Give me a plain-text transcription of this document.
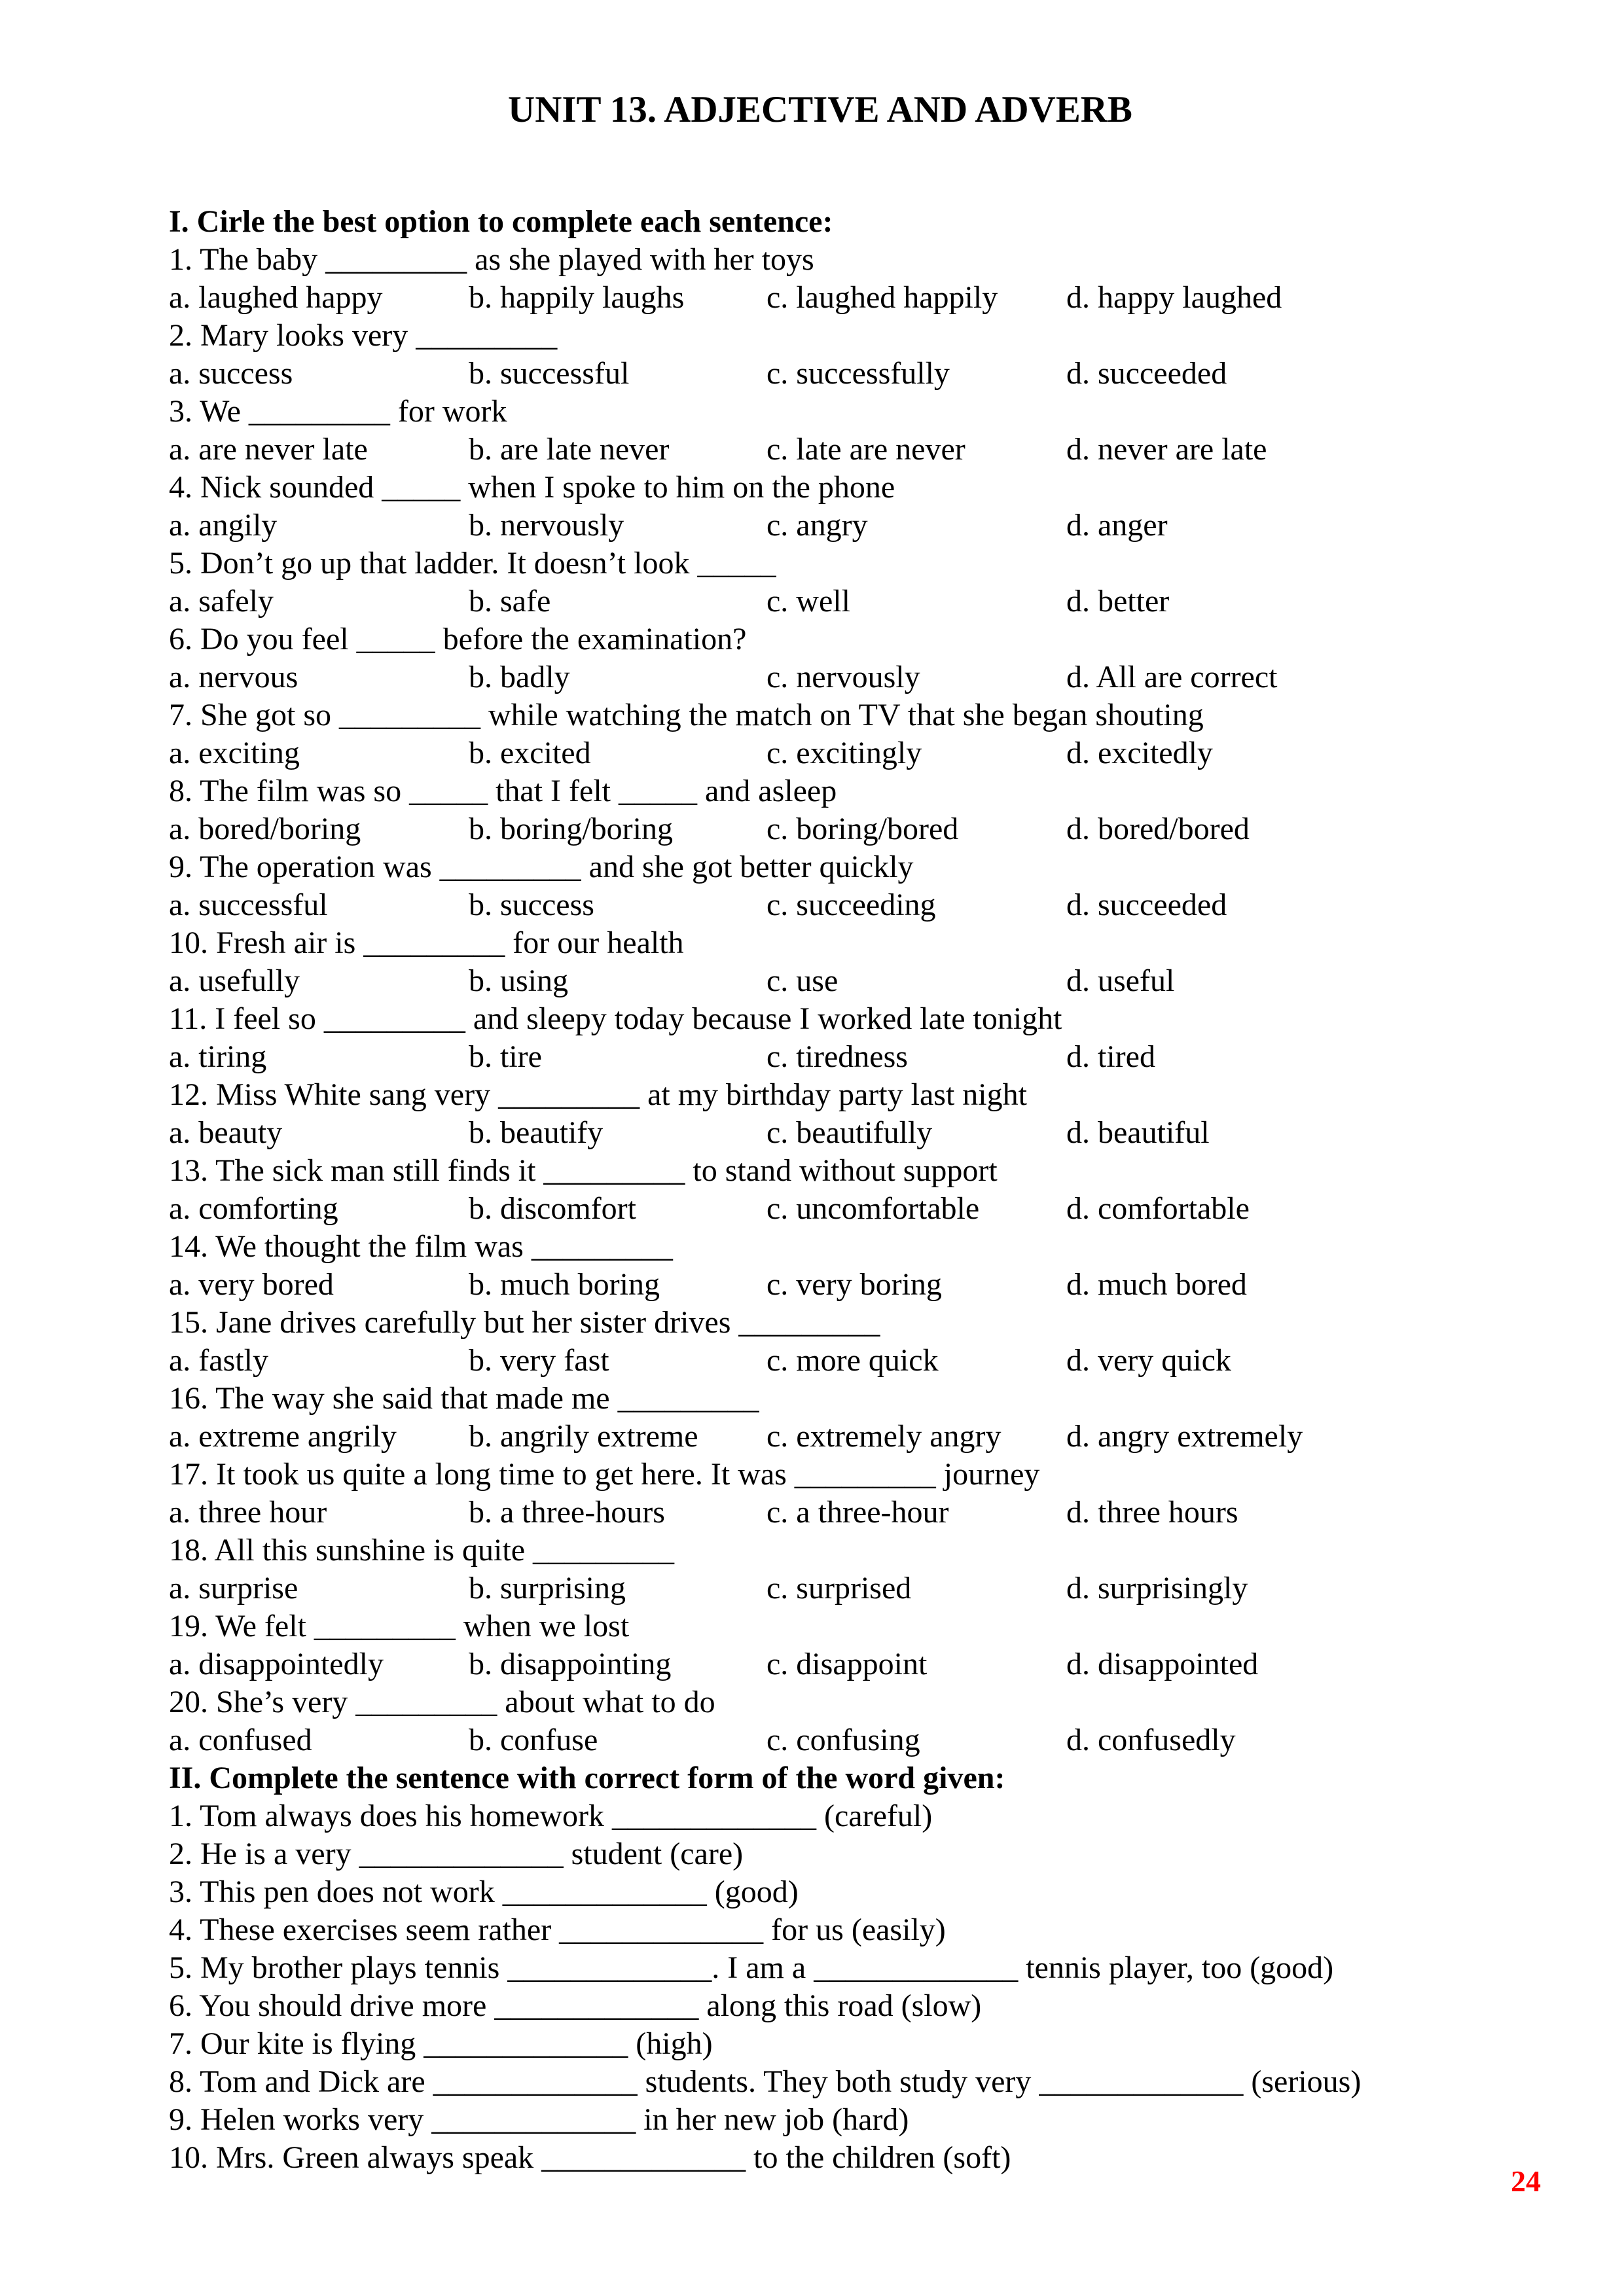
UNIT 13. ADJECTIVE AND ADVERB
I. Cirle the best option to complete each sentence:
1. The baby _________ as she played with her toys
a. laughed happy	b. happily laughs	c. laughed happily	d. happy laughed
2. Mary looks very _________
a. success	b. successful	c. successfully	d. succeeded
3. We _________ for work
a. are never late	b. are late never	c. late are never	d. never are late
4. Nick sounded _____ when I spoke to him on the phone
a. angily	b. nervously	c. angry	d. anger
5. Don’t go up that ladder. It doesn’t look _____
a. safely	b. safe	c. well	d. better
6. Do you feel _____ before the examination?
a. nervous	b. badly	c. nervously	d. All are correct
7. She got so _________ while watching the match on TV that she began shouting
a. exciting	b. excited	c. excitingly	d. excitedly
8. The film was so _____ that I felt _____ and asleep
a. bored/boring	b. boring/boring	c. boring/bored	d. bored/bored
9. The operation was _________ and she got better quickly
a. successful	b. success	c. succeeding	d. succeeded
10. Fresh air is _________ for our health
a. usefully	b. using	c. use	d. useful
11. I feel so _________ and sleepy today because I worked late tonight
a. tiring	b. tire	c. tiredness	d. tired
12. Miss White sang very _________ at my birthday party last night
a. beauty	b. beautify	c. beautifully	d. beautiful
13. The sick man still finds it _________ to stand without support
a. comforting	b. discomfort	c. uncomfortable	d. comfortable
14. We thought the film was _________
a. very bored	b. much boring	c. very boring	d. much bored
15. Jane drives carefully but her sister drives _________
a. fastly	b. very fast	c. more quick	d. very quick
16. The way she said that made me _________
a. extreme angrily	b. angrily extreme	c. extremely angry	d. angry extremely
17. It took us quite a long time to get here. It was _________ journey
a. three hour	b. a three-hours	c. a three-hour	d. three hours
18. All this sunshine is quite _________
a. surprise	b. surprising	c. surprised	d. surprisingly
19. We felt _________ when we lost
a. disappointedly	b. disappointing	c. disappoint	d. disappointed
20. She’s very _________ about what to do
a. confused	b. confuse	c. confusing	d. confusedly
II. Complete the sentence with correct form of the word given:
1. Tom always does his homework _____________ (careful)
2. He is a very _____________ student (care)
3. This pen does not work _____________ (good)
4. These exercises seem rather _____________ for us (easily)
5. My brother plays tennis _____________. I am a _____________ tennis player, too (good)
6. You should drive more _____________ along this road (slow)
7. Our kite is flying _____________ (high)
8. Tom and Dick are _____________ students. They both study very _____________ (serious)
9. Helen works very _____________ in her new job (hard)
10. Mrs. Green always speak _____________ to the children (soft)
24
